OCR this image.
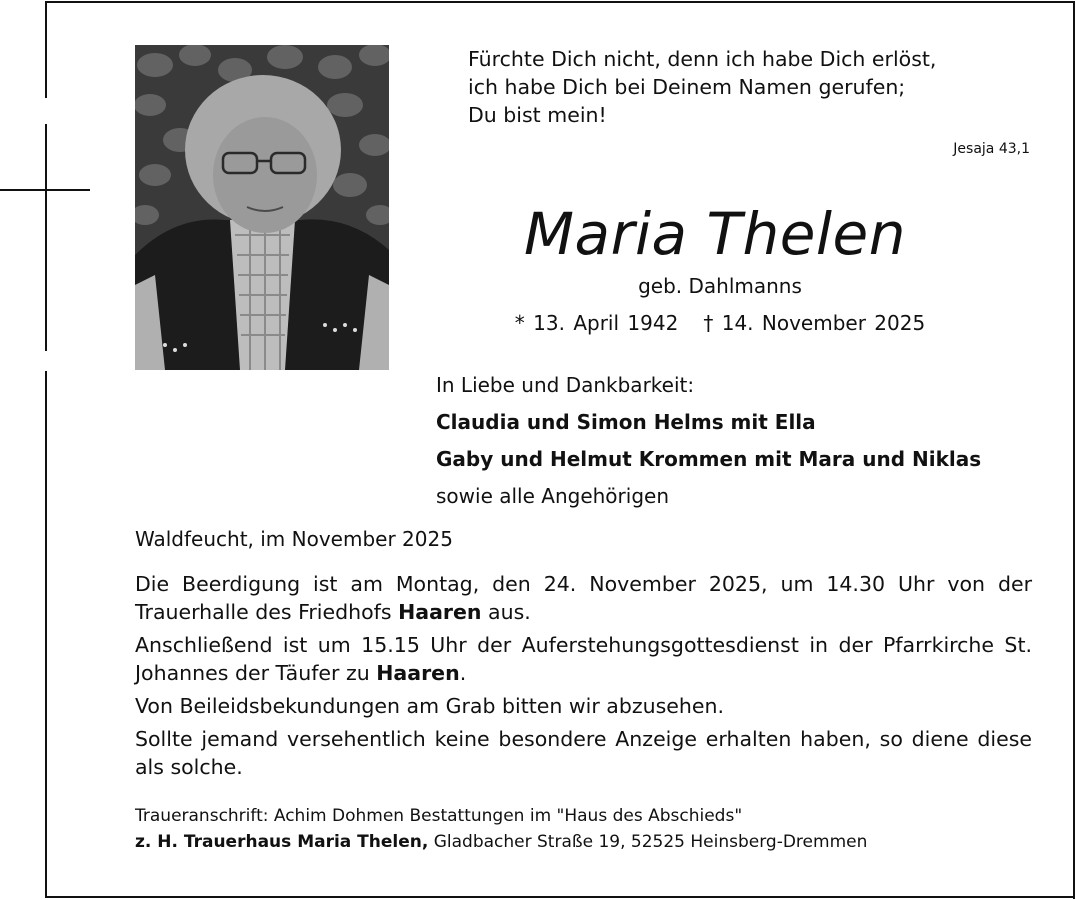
Fürchte Dich nicht, denn ich habe Dich erlöst,
ich habe Dich bei Deinem Namen gerufen;
Du bist mein!
Jesaja 43,1
Maria Thelen
geb. Dahlmanns
* 13. April 1942   † 14. November 2025
In Liebe und Dankbarkeit:
Claudia und Simon Helms mit Ella
Gaby und Helmut Krommen mit Mara und Niklas
sowie alle Angehörigen
Waldfeucht, im November 2025

Die Beerdigung ist am Montag, den 24. November 2025, um 14.30 Uhr von der Trauerhalle des Friedhofs Haaren aus.

Anschließend ist um 15.15 Uhr der Auferstehungsgottesdienst in der Pfarrkirche St. Johannes der Täufer zu Haaren.

Von Beileidsbekundungen am Grab bitten wir abzusehen.

Sollte jemand versehentlich keine besondere Anzeige erhalten haben, so diene diese als solche.

Traueranschrift: Achim Dohmen Bestattungen im "Haus des Abschieds"
z. H. Trauerhaus Maria Thelen, Gladbacher Straße 19, 52525 Heinsberg-Dremmen
